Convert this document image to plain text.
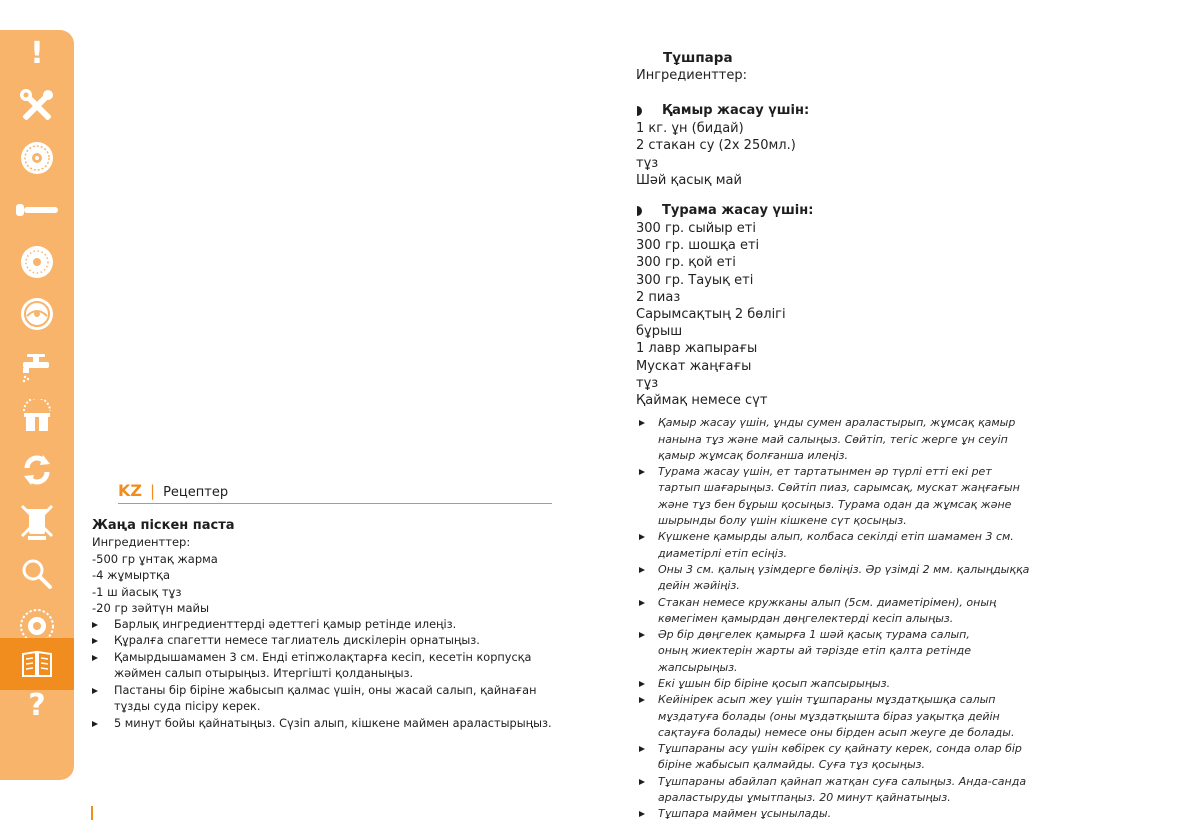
!
?
KZ | Рецептер

Жаңа піскен паста

Ингредиенттер:

-500 гр ұнтақ жарма

-4 жұмыртқа

-1 ш йасық тұз

-20 гр зәйтүн майы

Барлық ингредиенттерді әдеттегі қамыр ретінде илеңіз.

Құралға спагетти немесе таглиатель дискілерін орнатыңыз.

Қамырдышамамен 3 см. Енді етіпжолақтарға кесіп, кесетін корпусқа жәймен салып отырыңыз. Итергішті қолданыңыз.

Пастаны бір біріне жабысып қалмас үшін, оны жасай салып, қайнаған тұзды суда пісіру керек.

5 минут бойы қайнатыңыз. Сүзіп алып, кішкене маймен араластырыңыз.

Тұшпара

Ингредиенттер:

Қамыр жасау үшін:

1 кг. ұн (бидай)

2 стакан су (2x 250мл.)

тұз

Шәй қасық май

Турама жасау үшін:

300 гр. сыйыр еті

300 гр. шошқа еті

300 гр. қой еті

300 гр. Тауық еті

2 пиаз

Сарымсақтың 2 бөлігі

бұрыш

1 лавр жапырағы

Мускат жаңғағы

тұз

Қаймақ немесе сүт

Қамыр жасау үшін, ұнды сумен араластырып, жұмсақ қамыр

нанына тұз және май салыңыз. Сөйтіп, тегіс жерге ұн сеуіп

қамыр жұмсақ болғанша илеңіз.

Турама жасау үшін, ет тартатынмен әр түрлі етті екі рет

тартып шағарыңыз. Сөйтіп пиаз, сарымсақ, мускат жаңғағын

және тұз бен бұрыш қосыңыз. Турама одан да жұмсақ және

шырынды болу үшін кішкене сүт қосыңыз.

Күшкене қамырды алып, колбаса секілді етіп шамамен 3 см.

диаметірлі етіп есіңіз.

Оны 3 см. қалың үзімдерге бөліңіз. Әр үзімді 2 мм. қалыңдыққа

дейін жәйіңіз.

Стакан немесе кружканы алып (5см. диаметірімен), оның

көмегімен қамырдан дөңгелектерді кесіп алыңыз.

Әр бір дөңгелек қамырға 1 шәй қасық турама салып,

оның жиектерін жарты ай тәрізде етіп қалта ретінде

жапсырыңыз.

Екі ұшын бір біріне қосып жапсырыңыз.

Кейінірек асып жеу үшін тұшпараны мұздатқышқа салып

мұздатуға болады (оны мұздатқышта біраз уақытқа дейін

сақтауға болады) немесе оны бірден асып жеуге де болады.

Тұшпараны асу үшін көбірек су қайнату керек, сонда олар бір

біріне жабысып қалмайды. Суға тұз қосыңыз.

Тұшпараны абайлап қайнап жатқан суға салыңыз. Анда-санда

араластыруды ұмытпаңыз. 20 минут қайнатыңыз.

Тұшпара маймен ұсынылады.
